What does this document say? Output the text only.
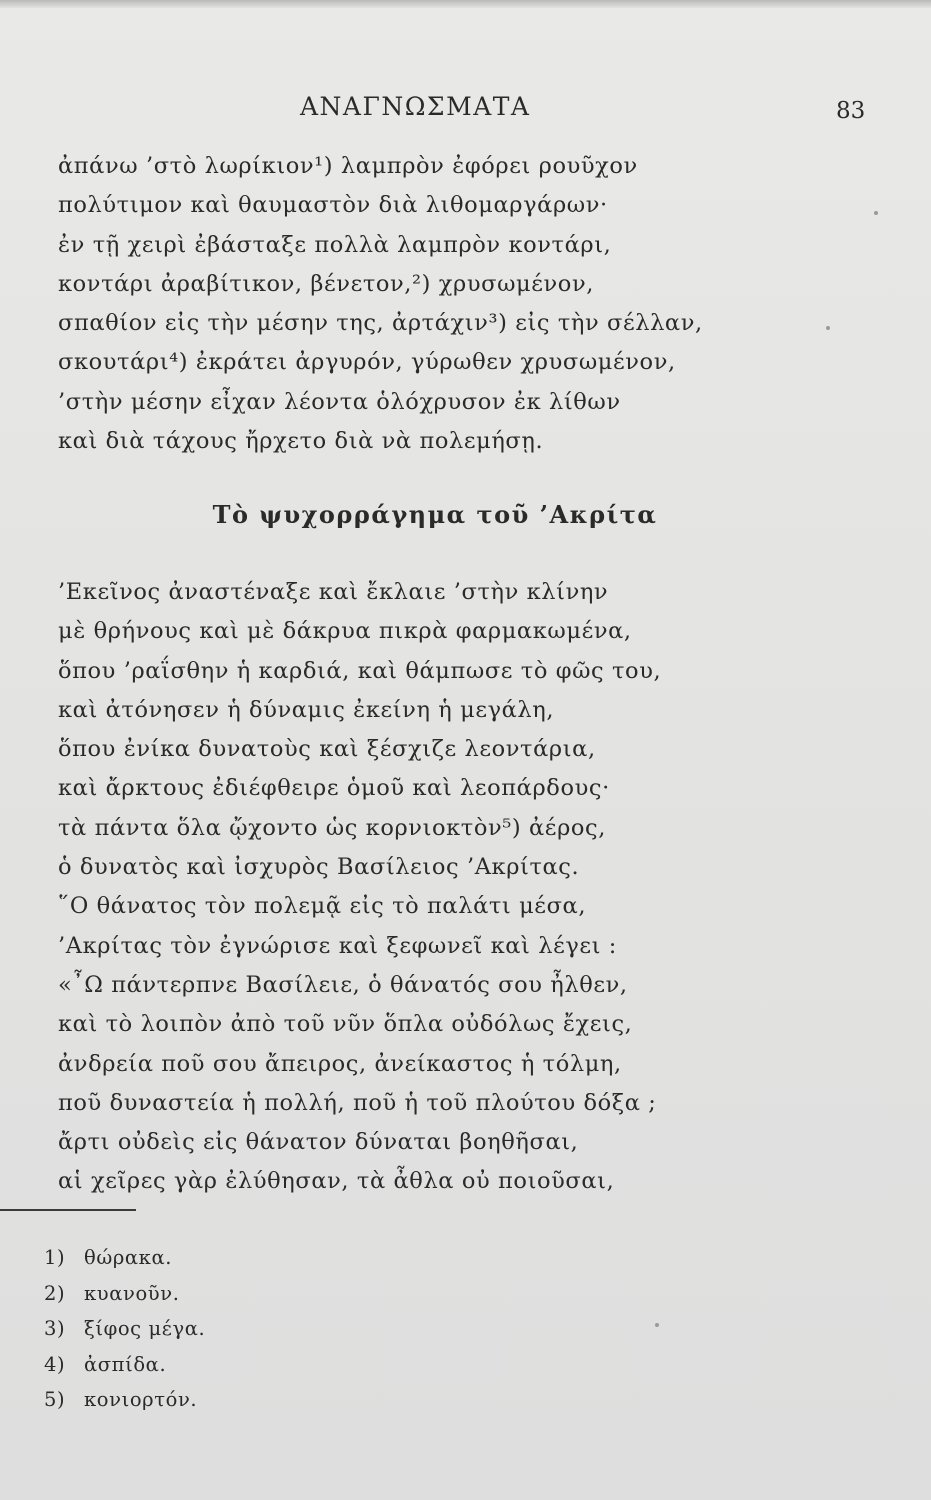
ΑΝΑΓΝΩΣΜΑΤΑ	83
ἀπάνω ’στὸ λωρίκιον¹) λαμπρὸν ἐφόρει ρουῦχον
πολύτιμον καὶ θαυμαστὸν διὰ λιθομαργάρων·
ἐν τῇ χειρὶ ἐβάσταξε πολλὰ λαμπρὸν κοντάρι,
κοντάρι ἀραβίτικον, βένετον,²) χρυσωμένον,
σπαθίον εἰς τὴν μέσην της, ἀρτάχιν³) εἰς τὴν σέλλαν,
σκουτάρι⁴) ἐκράτει ἀργυρόν, γύρωθεν χρυσωμένον,
’στὴν μέσην εἶχαν λέοντα ὁλόχρυσον ἐκ λίθων
καὶ διὰ τάχους ἤρχετο διὰ νὰ πολεμήσῃ.
Τὸ ψυχορράγημα τοῦ ’Ακρίτα
’Εκεῖνος ἀναστέναξε καὶ ἔκλαιε ’στὴν κλίνην
μὲ θρήνους καὶ μὲ δάκρυα πικρὰ φαρμακωμένα,
ὅπου ’ραΐσθην ἡ καρδιά, καὶ θάμπωσε τὸ φῶς του,
καὶ ἀτόνησεν ἡ δύναμις ἐκείνη ἡ μεγάλη,
ὅπου ἐνίκα δυνατοὺς καὶ ξέσχιζε λεοντάρια,
καὶ ἄρκτους ἐδιέφθειρε ὁμοῦ καὶ λεοπάρδους·
τὰ πάντα ὅλα ᾤχοντο ὡς κορνιοκτὸν⁵) ἀέρος,
ὁ δυνατὸς καὶ ἰσχυρὸς Βασίλειος ’Ακρίτας.
῞Ο θάνατος τὸν πολεμᾷ εἰς τὸ παλάτι μέσα,
’Ακρίτας τὸν ἐγνώρισε καὶ ξεφωνεῖ καὶ λέγει :
«῏Ω πάντερπνε Βασίλειε, ὁ θάνατός σου ἦλθεν,
καὶ τὸ λοιπὸν ἀπὸ τοῦ νῦν ὅπλα οὐδόλως ἔχεις,
ἀνδρεία ποῦ σου ἄπειρος, ἀνείκαστος ἡ τόλμη,
ποῦ δυναστεία ἡ πολλή, ποῦ ἡ τοῦ πλούτου δόξα ;
ἄρτι οὐδεὶς εἰς θάνατον δύναται βοηθῆσαι,
αἱ χεῖρες γὰρ ἐλύθησαν, τὰ ἆθλα οὐ ποιοῦσαι,
1) θώρακα.
2) κυανοῦν.
3) ξίφος μέγα.
4) ἀσπίδα.
5) κονιορτόν.
